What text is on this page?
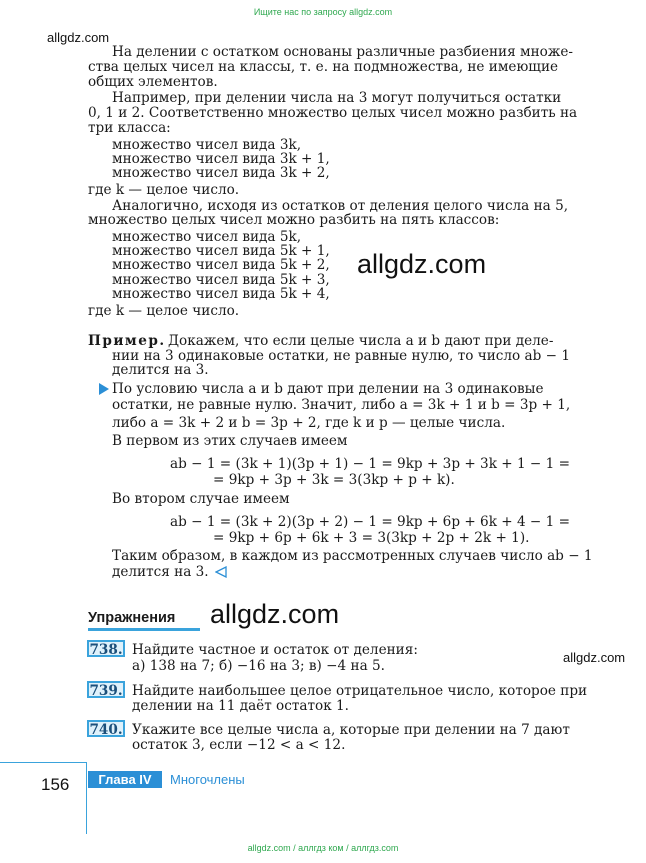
Ищите нас по запросу allgdz.com
allgdz.com
На делении с остатком основаны различные разбиения множе-
ства целых чисел на классы, т. е. на подмножества, не имеющие
общих элементов.
Например, при делении числа на 3 могут получиться остатки
0, 1 и 2. Соответственно множество целых чисел можно разбить на
три класса:
множество чисел вида 3k,
множество чисел вида 3k + 1,
множество чисел вида 3k + 2,
где k — целое число.
Аналогично, исходя из остатков от деления целого числа на 5,
множество целых чисел можно разбить на пять классов:
множество чисел вида 5k,
множество чисел вида 5k + 1,
множество чисел вида 5k + 2,
множество чисел вида 5k + 3,
множество чисел вида 5k + 4,
где k — целое число.
allgdz.com
Пример. Докажем, что если целые числа a и b дают при деле-
нии на 3 одинаковые остатки, не равные нулю, то число ab − 1
делится на 3.
По условию числа a и b дают при делении на 3 одинаковые
остатки, не равные нулю. Значит, либо a = 3k + 1 и b = 3p + 1,
либо a = 3k + 2 и b = 3p + 2, где k и p — целые числа.
В первом из этих случаев имеем
ab − 1 = (3k + 1)(3p + 1) − 1 = 9kp + 3p + 3k + 1 − 1 =
= 9kp + 3p + 3k = 3(3kp + p + k).
Во втором случае имеем
ab − 1 = (3k + 2)(3p + 2) − 1 = 9kp + 6p + 6k + 4 − 1 =
= 9kp + 6p + 6k + 3 = 3(3kp + 2p + 2k + 1).
Таким образом, в каждом из рассмотренных случаев число ab − 1
делится на 3.
Упражнения allgdz.com
738. Найдите частное и остаток от деления:
а) 138 на 7; б) −16 на 3; в) −4 на 5.
allgdz.com
739. Найдите наибольшее целое отрицательное число, которое при
делении на 11 даёт остаток 1.
740. Укажите все целые числа a, которые при делении на 7 дают
остаток 3, если −12 < a < 12.
156	Глава IV	Многочлены
allgdz.com / аллгдз ком / аллгдз.com
